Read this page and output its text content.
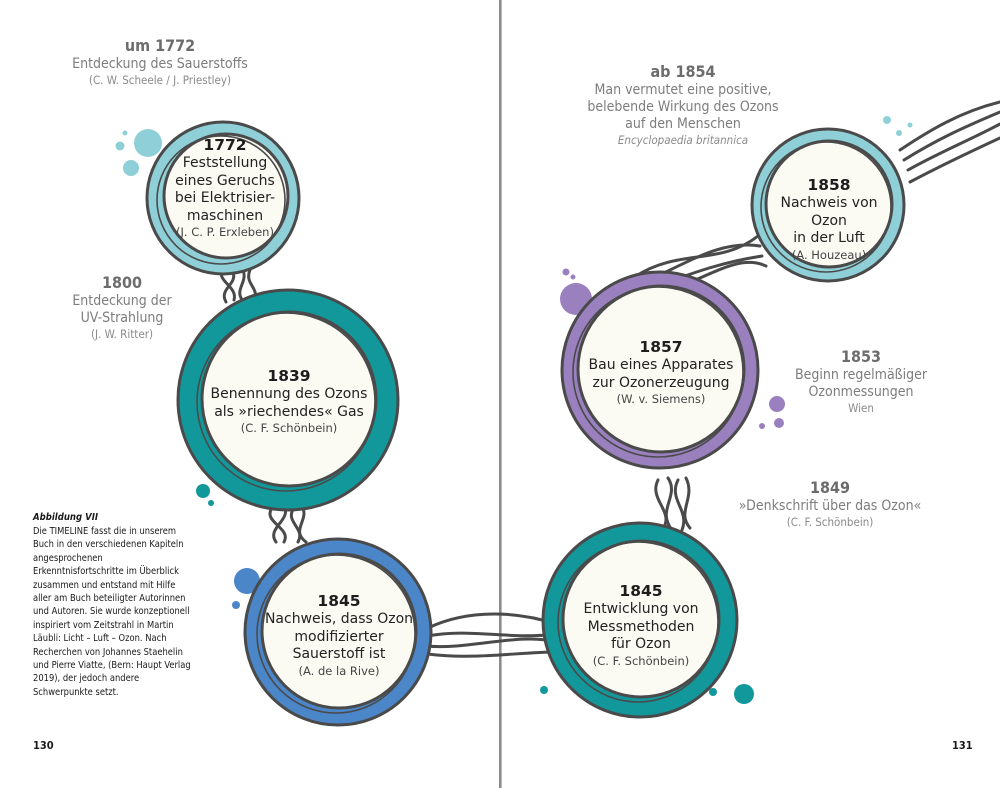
um 1772
Entdeckung des Sauerstoffs
(C. W. Scheele / J. Priestley)
1772
Feststellung
eines Geruchs
bei Elektrisier-
maschinen
(J. C. P. Erxleben)
1800
Entdeckung der
UV-Strahlung
(J. W. Ritter)
1839
Benennung des Ozons
als »riechendes« Gas
(C. F. Schönbein)
1845
Nachweis, dass Ozon
modifizierter
Sauerstoff ist
(A. de la Rive)
Abbildung VII
Die TIMELINE fasst die in unserem Buch in den verschiedenen Kapiteln angesprochenen Erkenntnisfortschritte im Überblick zusammen und entstand mit Hilfe aller am Buch beteiligter Autorinnen und Autoren. Sie wurde konzeptionell inspiriert vom Zeitstrahl in Martin Läubli: Licht – Luft – Ozon. Nach Recherchen von Johannes Staehelin und Pierre Viatte, (Bern: Haupt Verlag 2019), der jedoch andere Schwerpunkte setzt.
130
ab 1854
Man vermutet eine positive,
belebende Wirkung des Ozons
auf den Menschen
Encyclopaedia britannica
1858
Nachweis von Ozon
in der Luft
(A. Houzeau)
1857
Bau eines Apparates
zur Ozonerzeugung
(W. v. Siemens)
1853
Beginn regelmäßiger
Ozonmessungen
Wien
1849
»Denkschrift über das Ozon«
(C. F. Schönbein)
1845
Entwicklung von
Messmethoden
für Ozon
(C. F. Schönbein)
131
